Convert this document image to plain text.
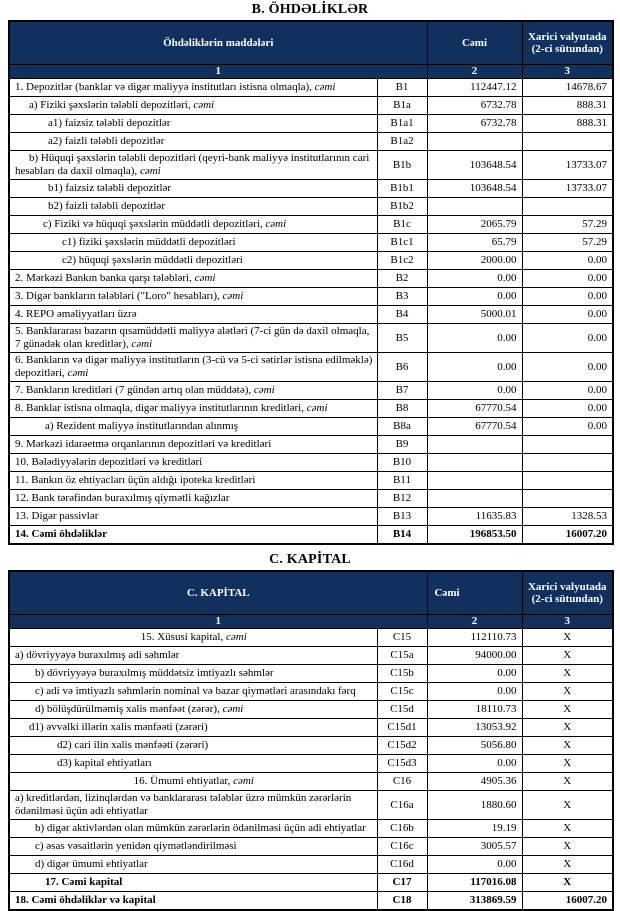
B. ÖHDƏLİKLƏR
Öhdəliklərin maddələri		Cəmi	Xarici valyutada (2-ci sütundan)
1		2	3
1. Depozitlər (banklar və digər maliyyə institutları istisna olmaqla), cəmi	B1	112447.12	14678.67
a) Fiziki şəxslərin tələbli depozitləri, cəmi	B1a	6732.78	888.31
a1) faizsiz tələbli depozitlər	B1a1	6732.78	888.31
a2) faizli tələbli depozitlər	B1a2		
b) Hüquqi şəxslərin tələbli depozitləri (qeyri-bank maliyyə institutlarının cari hesabları da daxil olmaqla), cəmi	B1b	103648.54	13733.07
b1) faizsiz tələbli depozitlər	B1b1	103648.54	13733.07
b2) faizli tələbli depozitlər	B1b2		
c) Fiziki və hüquqi şəxslərin müddətli depozitləri, cəmi	B1c	2065.79	57.29
c1) fiziki şəxslərin müddətli depozitləri	B1c1	65.79	57.29
c2) hüquqi şəxslərin müddətli depozitləri	B1c2	2000.00	0.00
2. Mərkəzi Bankın banka qarşı tələbləri, cəmi	B2	0.00	0.00
3. Digər bankların tələbləri ("Loro" hesabları), cəmi	B3	0.00	0.00
4. REPO əməliyyatları üzrə	B4	5000.01	0.00
5. Banklararası bazarın qısamüddətli maliyyə alətləri (7-ci gün də daxil olmaqla, 7 günədək olan kreditlər), cəmi	B5	0.00	0.00
6. Bankların və digər maliyyə institutların (3-cü və 5-ci sətirlər istisna edilməklə) depozitləri, cəmi	B6	0.00	0.00
7. Bankların kreditləri (7 gündən artıq olan müddətə), cəmi	B7	0.00	0.00
8. Banklar istisna olmaqla, digər maliyyə institutlarının kreditləri, cəmi	B8	67770.54	0.00
a) Rezident maliyyə institutlarından alınmış	B8a	67770.54	0.00
9. Mərkəzi idarəetmə orqanlarının depozitləri və kreditləri	B9		
10. Bələdiyyələrin depozitləri və kreditləri	B10		
11. Bankın öz ehtiyacları üçün aldığı ipoteka kreditləri	B11		
12. Bank tərəfindən buraxılmış qiymətli kağızlar	B12		
13. Digər passivlər	B13	11635.83	1328.53
14. Cəmi öhdəliklər	B14	196853.50	16007.20
C. KAPİTAL
C. KAPİTAL		Cəmi	Xarici valyutada (2-ci sütundan)
1		2	3
15. Xüsusi kapital, cəmi	C15	112110.73	X
a) dövriyyəyə buraxılmış adi səhmlər	C15a	94000.00	X
b) dövriyyəyə buraxılmış müddətsiz imtiyazlı səhmlər	C15b	0.00	X
c) adi və imtiyazlı səhmlərin nominal və bazar qiymətləri arasındakı fərq	C15c	0.00	X
d) bölüşdürülməmiş xalis mənfəət (zərər), cəmi	C15d	18110.73	X
d1) əvvəlki illərin xalis mənfəəti (zərəri)	C15d1	13053.92	X
d2) cari ilin xalis mənfəəti (zərəri)	C15d2	5056.80	X
d3) kapital ehtiyatları	C15d3	0.00	X
16. Ümumi ehtiyatlar, cəmi	C16	4905.36	X
a) kreditlərdən, lizinqlərdən və banklararası tələblər üzrə mümkün zərərlərin ödənilməsi üçün adi ehtiyatlar	C16a	1880.60	X
b) digər aktivlərdən olan mümkün zərərlərin ödənilməsi üçün adi ehtiyatlar	C16b	19.19	X
c) əsas vəsaitlərin yenidən qiymətləndirilməsi	C16c	3005.57	X
d) digər ümumi ehtiyatlar	C16d	0.00	X
17. Cəmi kapital	C17	117016.08	X
18. Cəmi öhdəliklər və kapital	C18	313869.59	16007.20
